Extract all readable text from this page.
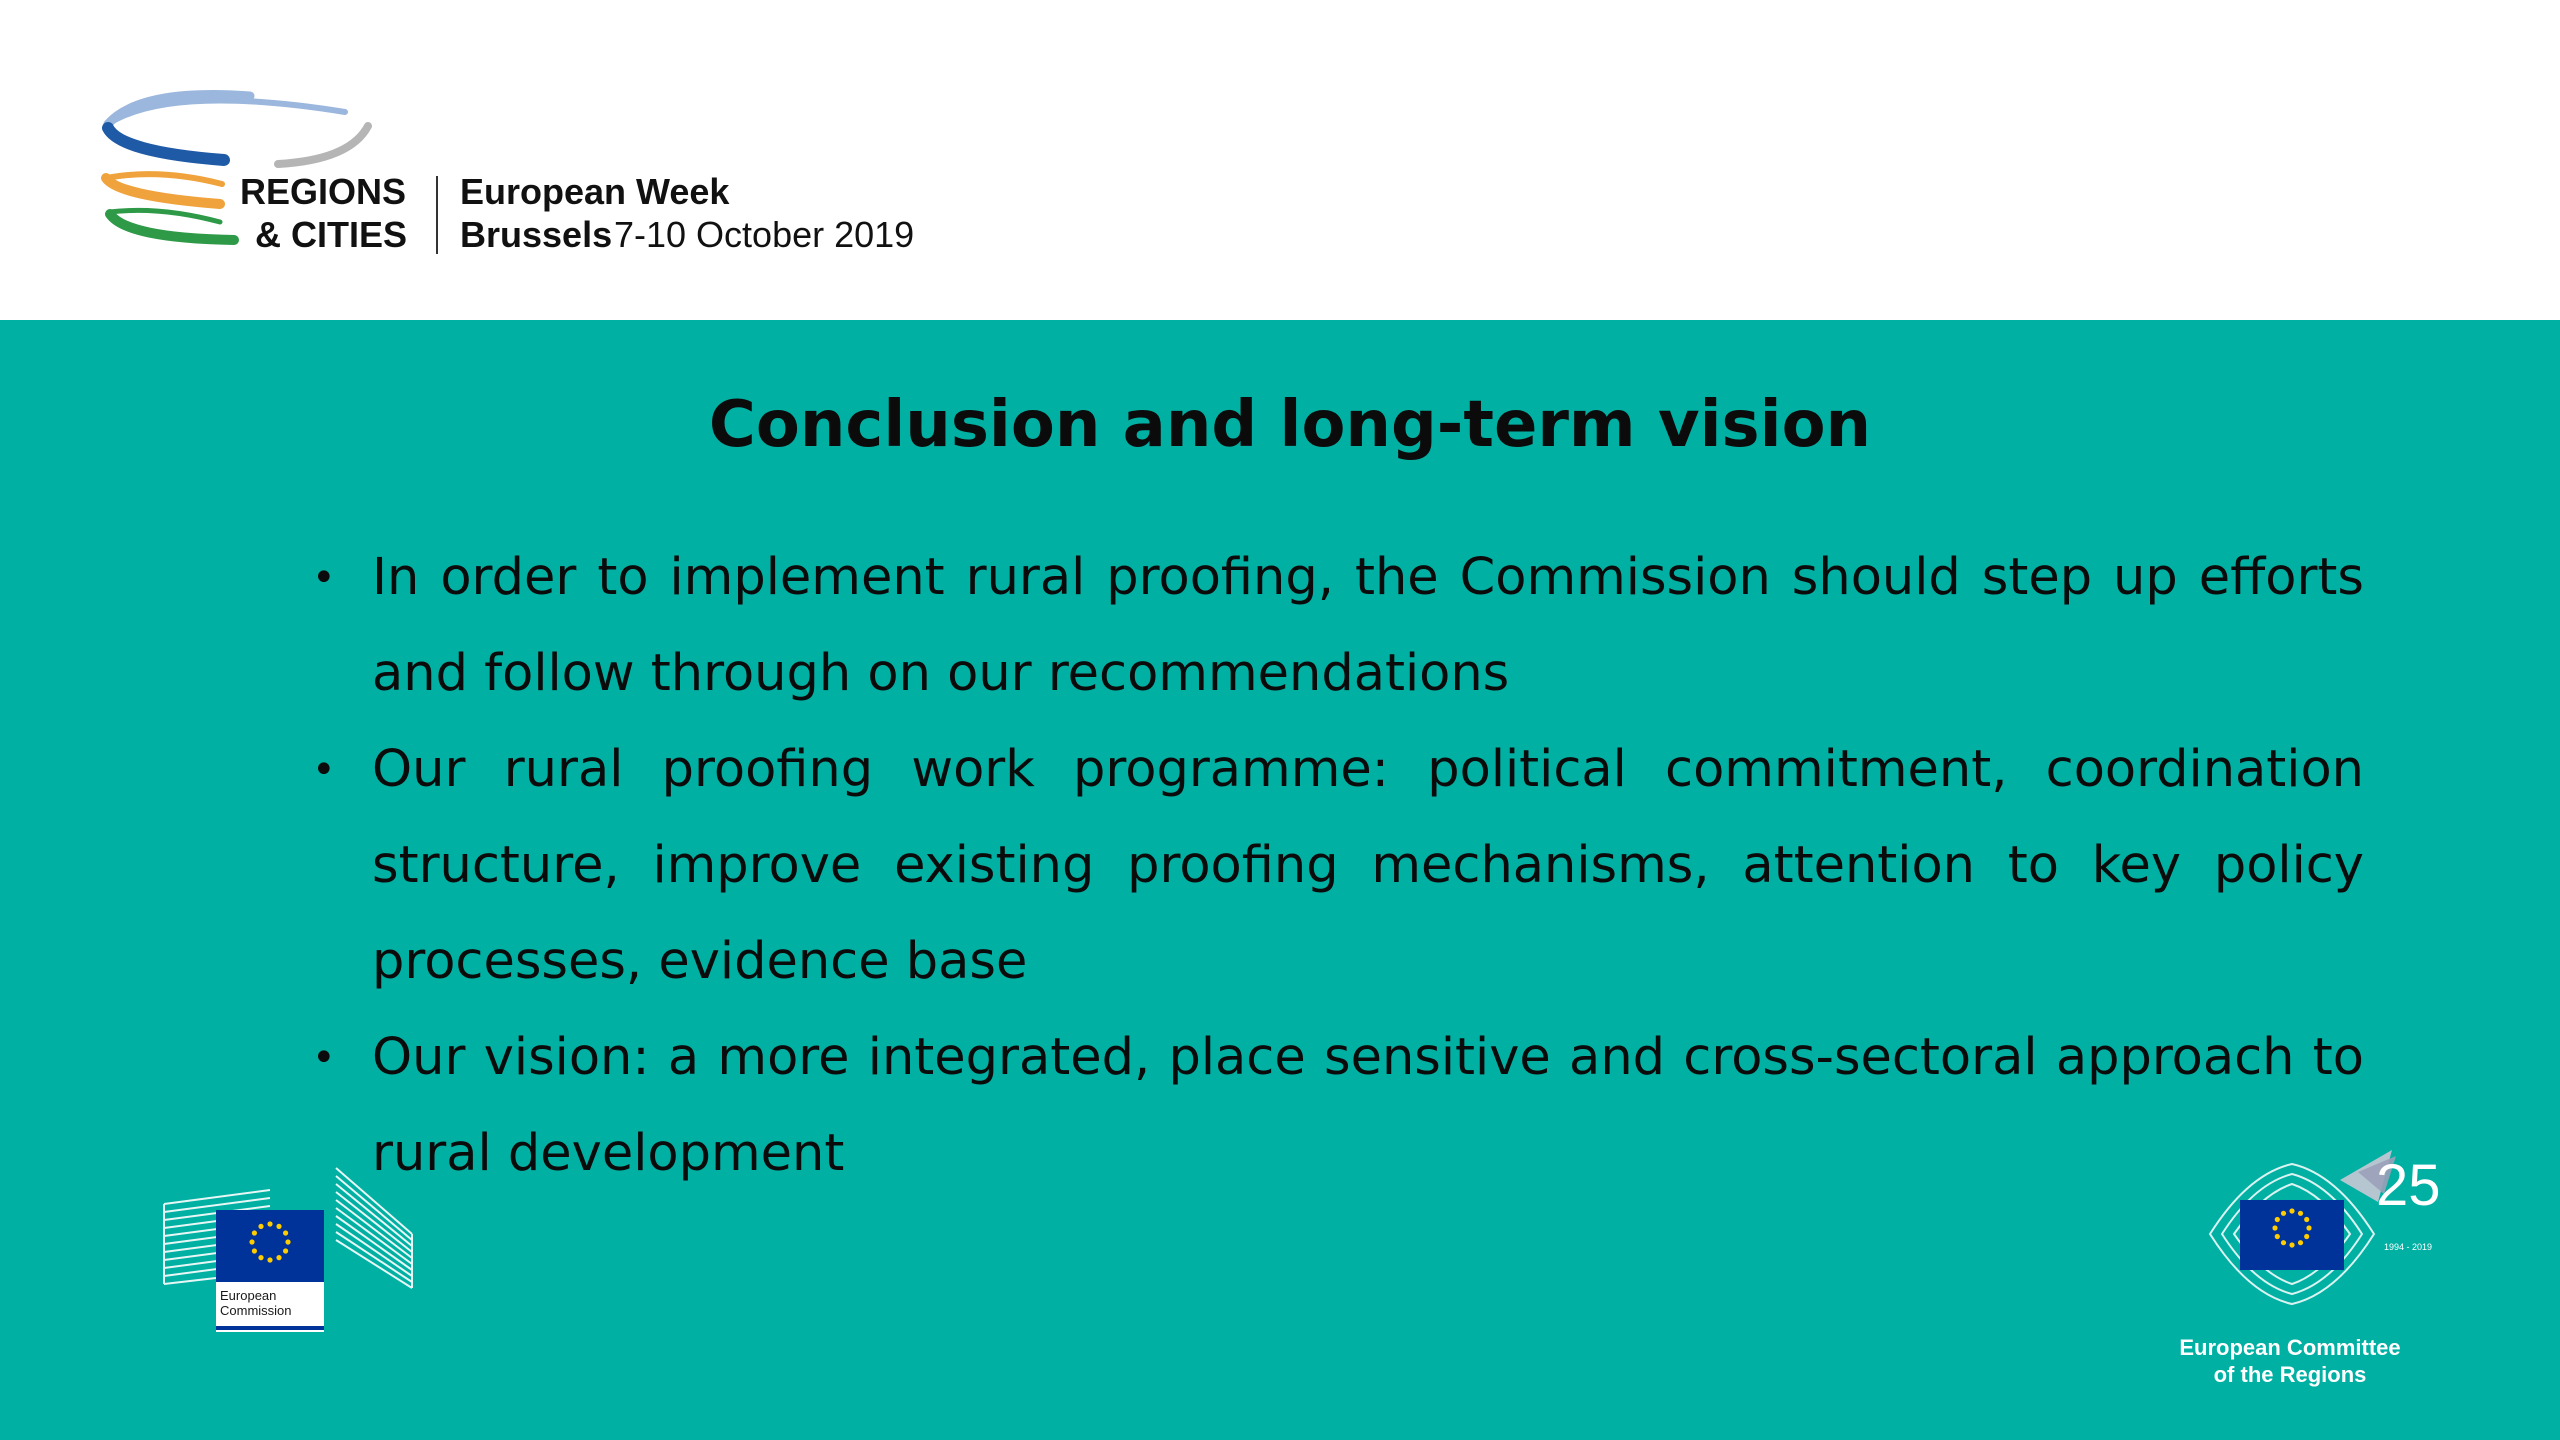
REGIONS
& CITIES
European Week
Brussels 7-10 October 2019
Conclusion and long-term vision
• In order to implement rural proofing, the Commission should step up efforts and follow through on our recommendations
• Our rural proofing work programme: political commitment, coordination structure, improve existing proofing mechanisms, attention to key policy processes, evidence base
• Our vision: a more integrated, place sensitive and cross-sectoral approach to rural development
European
Commission
25
1994 - 2019
European Committee
of the Regions
